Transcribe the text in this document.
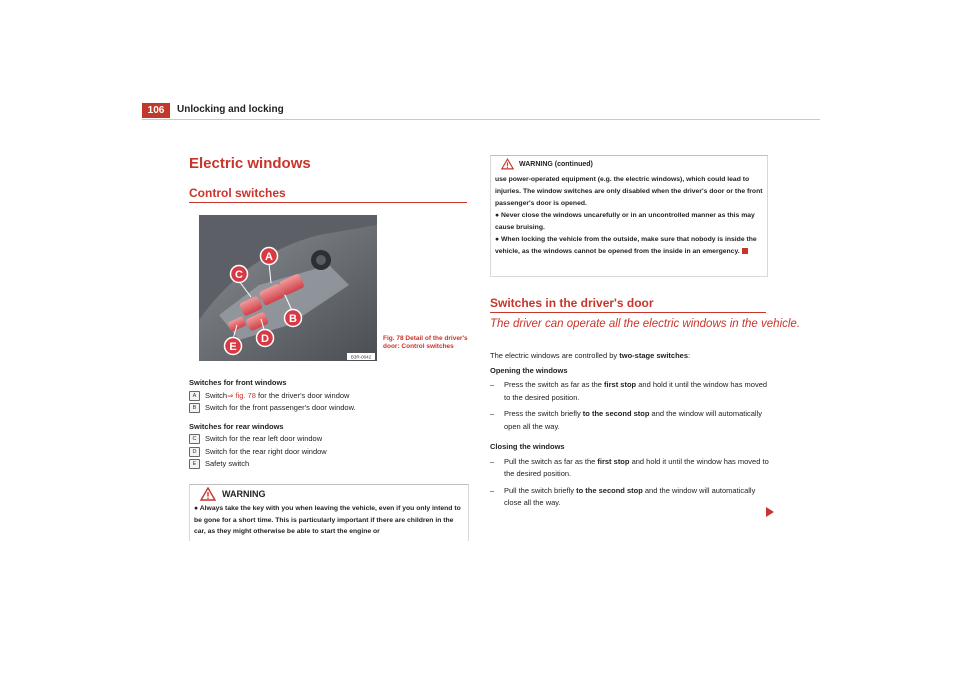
106	Unlocking and locking
Electric windows
Control switches
A
C
B
D
E
B3R-0042
Fig. 78 Detail of the driver's door: Control switches
Switches for front windows
A	Switch ⇒ fig. 78 for the driver's door window
B	Switch for the front passenger's door window.
Switches for rear windows
C	Switch for the rear left door window
D	Switch for the rear right door window
E	Safety switch
WARNING
● Always take the key with you when leaving the vehicle, even if you only intend to be gone for a short time. This is particularly important if there are children in the car, as they might otherwise be able to start the engine or
WARNING (continued)
use power-operated equipment (e.g. the electric windows), which could lead to injuries. The window switches are only disabled when the driver's door or the front passenger's door is opened.
● Never close the windows uncarefully or in an uncontrolled manner as this may cause bruising.
● When locking the vehicle from the outside, make sure that nobody is inside the vehicle, as the windows cannot be opened from the inside in an emergency.
Switches in the driver's door
The driver can operate all the electric windows in the vehicle.

The electric windows are controlled by two-stage switches:

Opening the windows

–	Press the switch as far as the first stop and hold it until the window has moved to the desired position.
–	Press the switch briefly to the second stop and the window will automatically open all the way.

Closing the windows

–	Pull the switch as far as the first stop and hold it until the window has moved to the desired position.
–	Pull the switch briefly to the second stop and the window will automatically close all the way.
